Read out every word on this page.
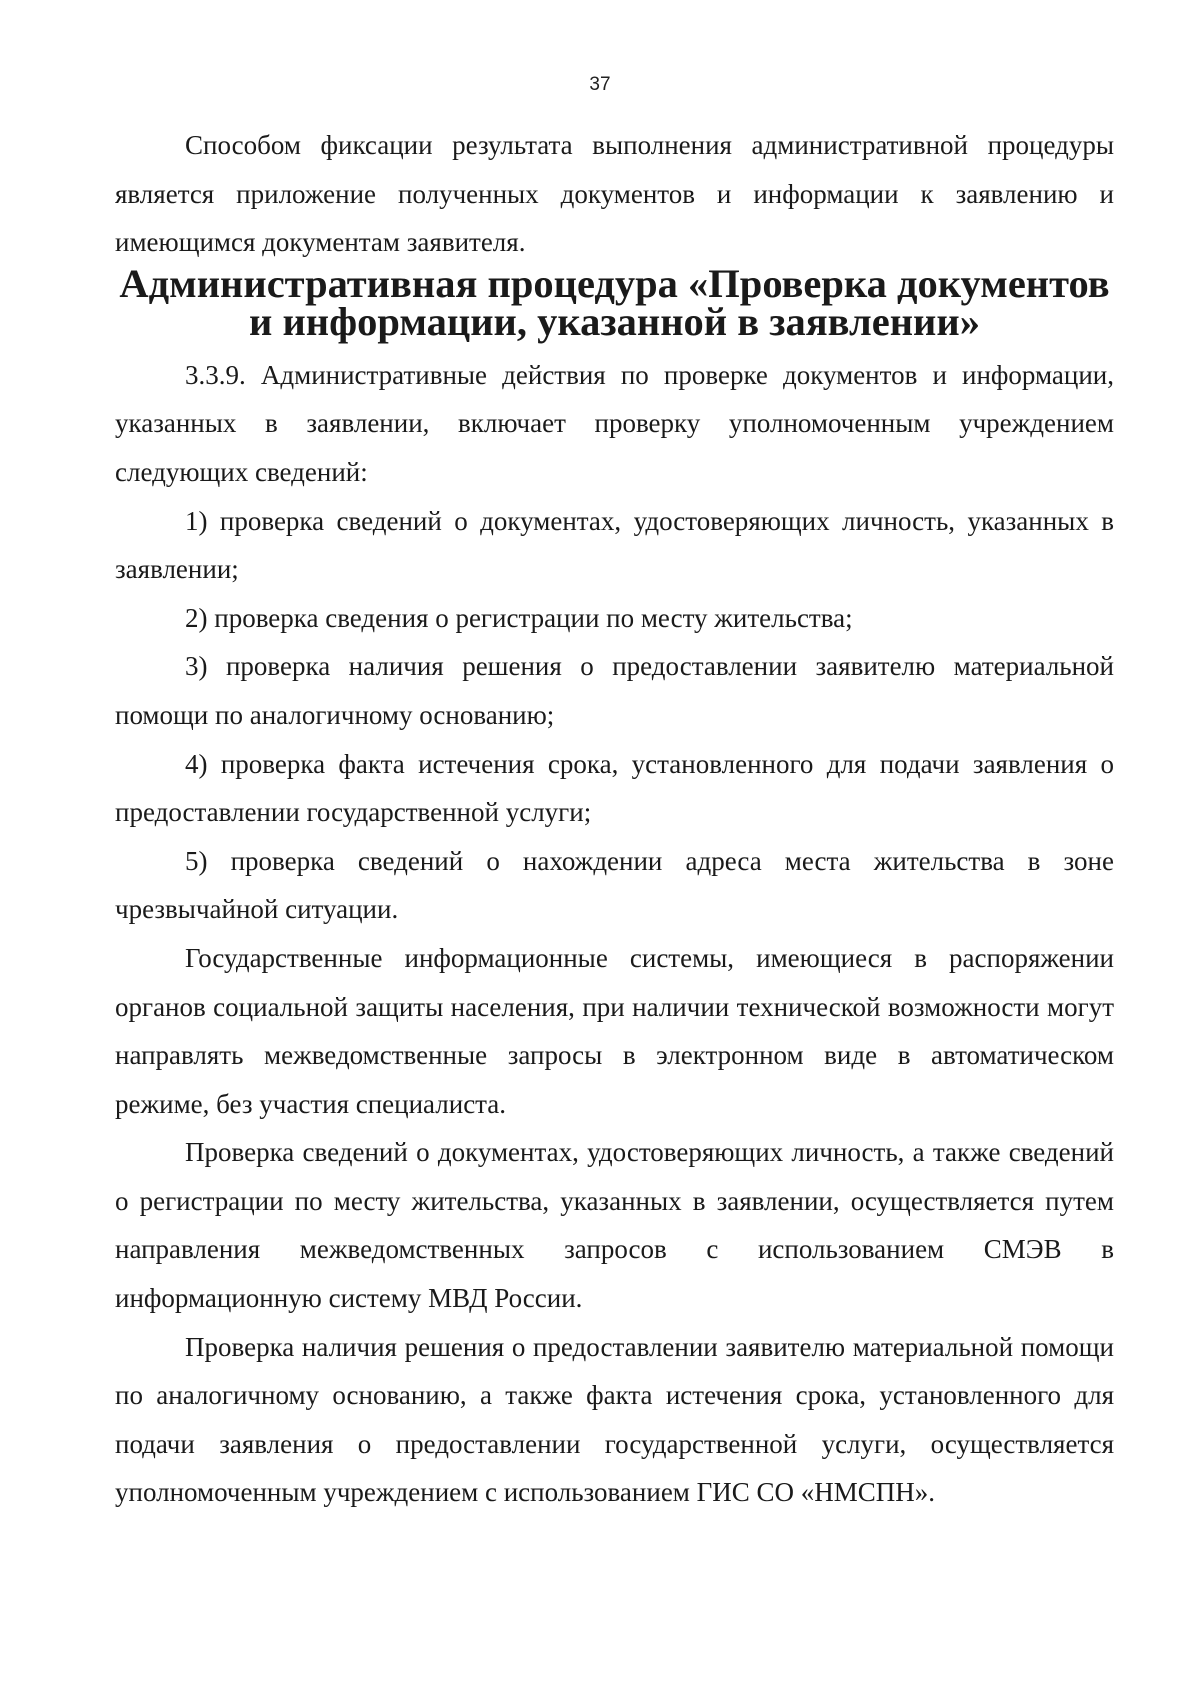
37

Способом фиксации результата выполнения административной процедуры является приложение полученных документов и информации к заявлению и имеющимся документам заявителя.

Административная процедура «Проверка документов
и информации, указанной в заявлении»

3.3.9. Административные действия по проверке документов и информации, указанных в заявлении, включает проверку уполномоченным учреждением следующих сведений:

1) проверка сведений о документах, удостоверяющих личность, указанных в заявлении;

2) проверка сведения о регистрации по месту жительства;

3) проверка наличия решения о предоставлении заявителю материальной помощи по аналогичному основанию;

4) проверка факта истечения срока, установленного для подачи заявления о предоставлении государственной услуги;

5) проверка сведений о нахождении адреса места жительства в зоне чрезвычайной ситуации.

Государственные информационные системы, имеющиеся в распоряжении органов социальной защиты населения, при наличии технической возможности могут направлять межведомственные запросы в электронном виде в автоматическом режиме, без участия специалиста.

Проверка сведений о документах, удостоверяющих личность, а также сведений о регистрации по месту жительства, указанных в заявлении, осуществляется путем направления межведомственных запросов с использованием СМЭВ в информационную систему МВД России.

Проверка наличия решения о предоставлении заявителю материальной помощи по аналогичному основанию, а также факта истечения срока, установленного для подачи заявления о предоставлении государственной услуги, осуществляется уполномоченным учреждением с использованием ГИС СО «НМСПН».
